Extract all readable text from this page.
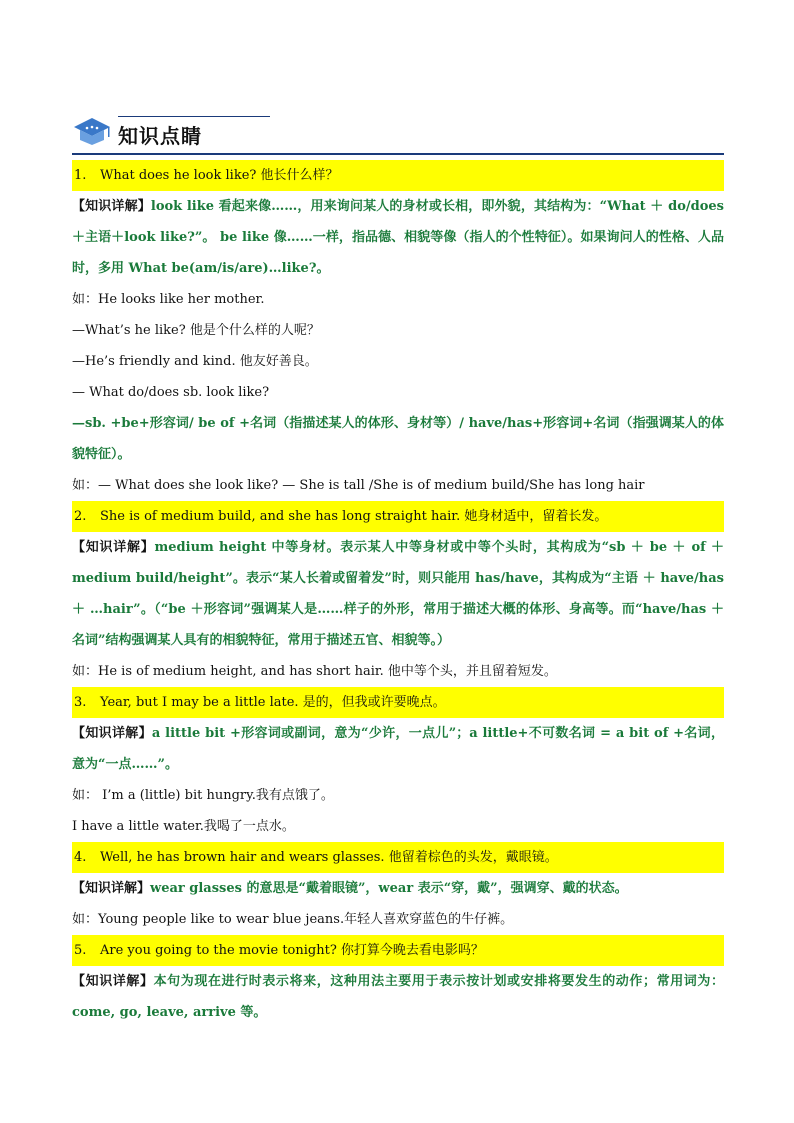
知识点睛
1. What does he look like? 他长什么样？
【知识详解】look like 看起来像……，用来询问某人的身材或长相，即外貌，其结构为：“What ＋ do/does ＋主语＋look like?”。 be like 像……一样，指品德、相貌等像（指人的个性特征）。如果询问人的性格、人品时，多用 What be(am/is/are)…like?。
如：He looks like her mother.
—What’s he like? 他是个什么样的人呢？
—He’s friendly and kind. 他友好善良。
— What do/does sb. look like?
—sb. +be+形容词/ be of +名词（指描述某人的体形、身材等）/ have/has+形容词+名词（指强调某人的体貌特征）。
如：— What does she look like? — She is tall /She is of medium build/She has long hair
2. She is of medium build, and she has long straight hair. 她身材适中，留着长发。
【知识详解】medium height 中等身材。表示某人中等身材或中等个头时，其构成为“sb ＋ be ＋ of ＋ medium build/height”。表示“某人长着或留着发”时，则只能用 has/have，其构成为“主语 ＋ have/has ＋ …hair”。（“be ＋形容词”强调某人是……样子的外形，常用于描述大概的体形、身高等。而“have/has ＋名词”结构强调某人具有的相貌特征，常用于描述五官、相貌等。）
如：He is of medium height, and has short hair. 他中等个头，并且留着短发。
3. Year, but I may be a little late. 是的，但我或许要晚点。
【知识详解】a little bit +形容词或副词，意为“少许，一点儿”；a little+不可数名词 = a bit of +名词，意为“一点……”。
如： I’m a (little) bit hungry.我有点饿了。
I have a little water.我喝了一点水。
4. Well, he has brown hair and wears glasses. 他留着棕色的头发，戴眼镜。
【知识详解】wear glasses 的意思是“戴着眼镜”，wear 表示“穿，戴”，强调穿、戴的状态。
如：Young people like to wear blue jeans.年轻人喜欢穿蓝色的牛仔裤。
5. Are you going to the movie tonight? 你打算今晚去看电影吗？
【知识详解】本句为现在进行时表示将来，这种用法主要用于表示按计划或安排将要发生的动作；常用词为：come, go, leave, arrive 等。
